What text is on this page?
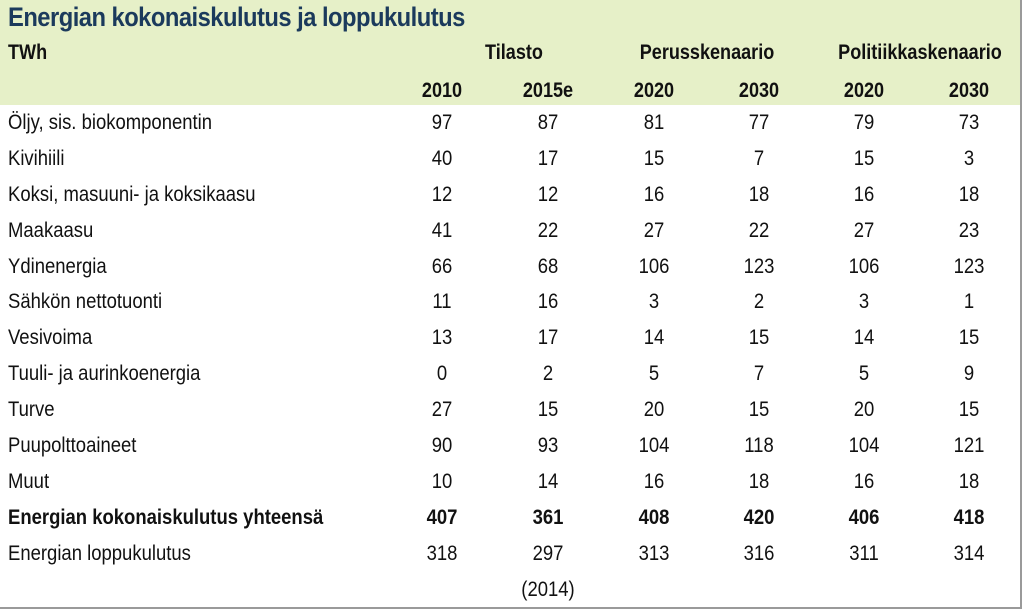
Energian kokonaiskulutus ja loppukulutus
TWh	Tilasto	Perusskenaario	Politiikkaskenaario
2010	2015e	2020	2030	2020	2030
Öljy, sis. biokomponentin	97	87	81	77	79	73
Kivihiili	40	17	15	7	15	3
Koksi, masuuni- ja koksikaasu	12	12	16	18	16	18
Maakaasu	41	22	27	22	27	23
Ydinenergia	66	68	106	123	106	123
Sähkön nettotuonti	11	16	3	2	3	1
Vesivoima	13	17	14	15	14	15
Tuuli- ja aurinkoenergia	0	2	5	7	5	9
Turve	27	15	20	15	20	15
Puupolttoaineet	90	93	104	118	104	121
Muut	10	14	16	18	16	18
Energian kokonaiskulutus yhteensä	407	361	408	420	406	418
Energian loppukulutus	318	297	313	316	311	314
(2014)
